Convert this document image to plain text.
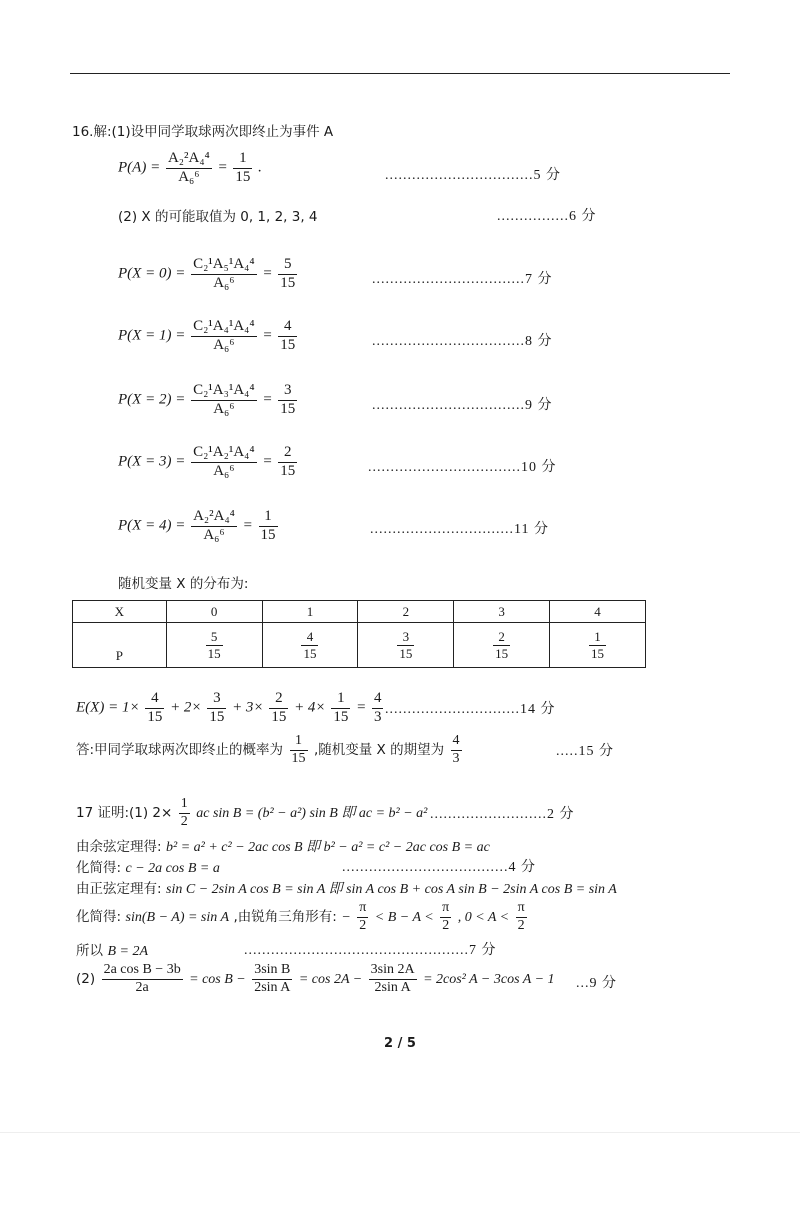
16.解:(1)设甲同学取球两次即终止为事件 A
$P(A) = \frac{\text{A₂²A₄⁴}}{\text{A₆⁶}} = \frac{1}{15}$ .	.................................5 分
(2) X 的可能取值为 0, 1, 2, 3, 4	................6 分
$P(X = 0) = \frac{\text{C₂¹A₅¹A₄⁴}}{\text{A₆⁶}} = \frac{5}{15}$	..................................7 分
$P(X = 1) = \frac{\text{C₂¹A₄¹A₄⁴}}{\text{A₆⁶}} = \frac{4}{15}$	..................................8 分
$P(X = 2) = \frac{\text{C₂¹A₃¹A₄⁴}}{\text{A₆⁶}} = \frac{3}{15}$	..................................9 分
$P(X = 3) = \frac{\text{C₂¹A₂¹A₄⁴}}{\text{A₆⁶}} = \frac{2}{15}$	..................................10 分
$P(X = 4) = \frac{\text{A₂²A₄⁴}}{\text{A₆⁶}} = \frac{1}{15}$	................................11 分
随机变量 X 的分布为:
X	0	1	2	3	4
P	$\frac{5}{15}$	$\frac{4}{15}$	$\frac{3}{15}$	$\frac{2}{15}$	$\frac{1}{15}$
$E(X) = 1\times \frac{4}{15} + 2\times \frac{3}{15} + 3\times \frac{2}{15} + 4\times \frac{1}{15} = \frac{4}{3} ..............................14$ 分
答:甲同学取球两次即终止的概率为 $\frac{1}{15}$ ,随机变量 X 的期望为 $\frac{4}{3}$	.....15 分
17 证明:(1) $2\times \frac{1}{2}$ ac sin B = (b² − a²) sin B 即 ac = b² − a² ..........................2 分
由余弦定理得: b² = a² + c² − 2ac cos B 即 b² − a² = c² − 2ac cos B = ac
化简得: c − 2a cos B = a	.....................................4 分
由正弦定理有: sin C − 2sin A cos B = sin A 即 sin A cos B + cos A sin B − 2sin A cos B = sin A
化简得: sin(B − A) = sin A ,由锐角三角形有: − $\frac{\pi}{2} < B - A < \frac{\pi}{2}$ , $0 < A < \frac{\pi}{2}$
所以 B = 2A	..................................................7 分
$(2) \frac{\text{2a cos B − 3b}}{2a} = \cos B - \frac{\text{3sin B}}{\text{2sin A}} = \cos 2A - \frac{3\sin 2A}{\text{2sin A}} = 2\cos^2$ A − 3cos A − 1 ...9 分
2 / 5
